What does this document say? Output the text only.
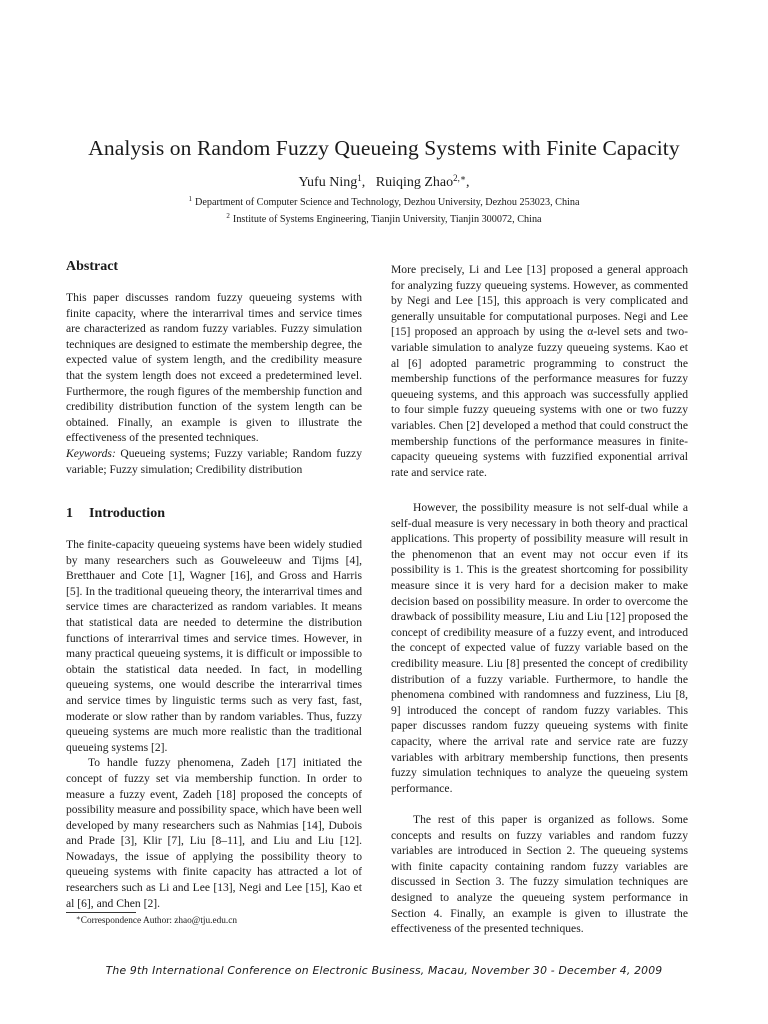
Analysis on Random Fuzzy Queueing Systems with Finite Capacity
Yufu Ning$^1$, Ruiqing Zhao$^{2,∗}$,
$^1$ Department of Computer Science and Technology, Dezhou University, Dezhou 253023, China
$^2$ Institute of Systems Engineering, Tianjin University, Tianjin 300072, China
Abstract

This paper discusses random fuzzy queueing systems with finite capacity, where the interarrival times and service times are characterized as random fuzzy variables. Fuzzy simulation techniques are designed to estimate the membership degree, the expected value of system length, and the credibility measure that the system length does not exceed a predetermined level. Furthermore, the rough figures of the membership function and credibility distribution function of the system length can be obtained. Finally, an example is given to illustrate the effectiveness of the presented techniques.

Keywords: Queueing systems; Fuzzy variable; Random fuzzy variable; Fuzzy simulation; Credibility distribution

1 Introduction

The finite-capacity queueing systems have been widely studied by many researchers such as Gouweleeuw and Tijms [4], Bretthauer and Cote [1], Wagner [16], and Gross and Harris [5]. In the traditional queueing theory, the interarrival times and service times are characterized as random variables. It means that statistical data are needed to determine the distribution functions of interarrival times and service times. However, in many practical queueing systems, it is difficult or impossible to obtain the statistical data needed. In fact, in modelling queueing systems, one would describe the interarrival times and service times by linguistic terms such as very fast, fast, moderate or slow rather than by random variables. Thus, fuzzy queueing systems are much more realistic than the traditional queueing systems [2].

To handle fuzzy phenomena, Zadeh [17] initiated the concept of fuzzy set via membership function. In order to measure a fuzzy event, Zadeh [18] proposed the concepts of possibility measure and possibility space, which have been well developed by many researchers such as Nahmias [14], Dubois and Prade [3], Klir [7], Liu [8–11], and Liu and Liu [12]. Nowadays, the issue of applying the possibility theory to queueing systems with finite capacity has attracted a lot of researchers such as Li and Lee [13], Negi and Lee [15], Kao et al [6], and Chen [2].

∗Correspondence Author: zhao@tju.edu.cn

More precisely, Li and Lee [13] proposed a general approach for analyzing fuzzy queueing systems. However, as commented by Negi and Lee [15], this approach is very complicated and generally unsuitable for computational purposes. Negi and Lee [15] proposed an approach by using the α-level sets and two-variable simulation to analyze fuzzy queueing systems. Kao et al [6] adopted parametric programming to construct the membership functions of the performance measures for fuzzy queueing systems, and this approach was successfully applied to four simple fuzzy queueing systems with one or two fuzzy variables. Chen [2] developed a method that could construct the membership functions of the performance measures in finite-capacity queueing systems with fuzzified exponential arrival rate and service rate.

However, the possibility measure is not self-dual while a self-dual measure is very necessary in both theory and practical applications. This property of possibility measure will result in the phenomenon that an event may not occur even if its possibility is 1. This is the greatest shortcoming for possibility measure since it is very hard for a decision maker to make decision based on possibility measure. In order to overcome the drawback of possibility measure, Liu and Liu [12] proposed the concept of credibility measure of a fuzzy event, and introduced the concept of expected value of fuzzy variable based on the credibility measure. Liu [8] presented the concept of credibility distribution of a fuzzy variable. Furthermore, to handle the phenomena combined with randomness and fuzziness, Liu [8, 9] introduced the concept of random fuzzy variables. This paper discusses random fuzzy queueing systems with finite capacity, where the arrival rate and service rate are fuzzy variables with arbitrary membership functions, then presents fuzzy simulation techniques to analyze the queueing system performance.

The rest of this paper is organized as follows. Some concepts and results on fuzzy variables and random fuzzy variables are introduced in Section 2. The queueing systems with finite capacity containing random fuzzy variables are discussed in Section 3. The fuzzy simulation techniques are designed to analyze the queueing system performance in Section 4. Finally, an example is given to illustrate the effectiveness of the presented techniques.

The 9th International Conference on Electronic Business, Macau, November 30 - December 4, 2009
